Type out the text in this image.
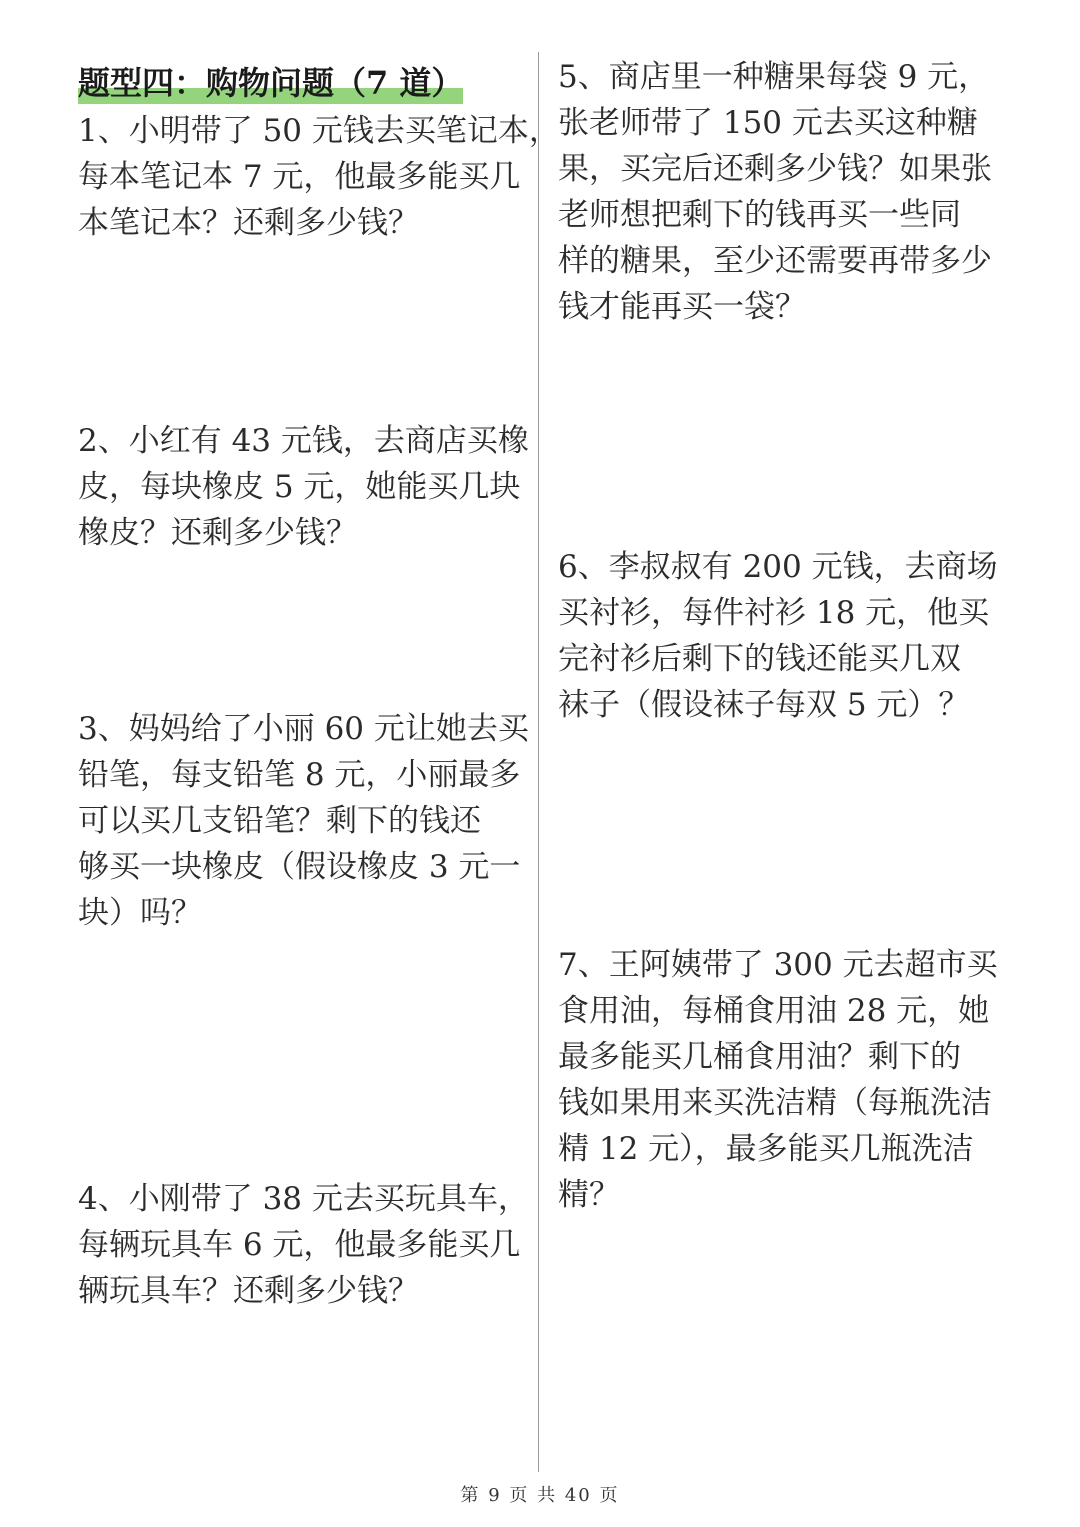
题型四：购物问题（7 道）
1、小明带了 50 元钱去买笔记本，
每本笔记本 7 元，他最多能买几
本笔记本？还剩多少钱？
2、小红有 43 元钱，去商店买橡
皮，每块橡皮 5 元，她能买几块
橡皮？还剩多少钱？
3、妈妈给了小丽 60 元让她去买
铅笔，每支铅笔 8 元，小丽最多
可以买几支铅笔？剩下的钱还
够买一块橡皮（假设橡皮 3 元一
块）吗？
4、小刚带了 38 元去买玩具车，
每辆玩具车 6 元，他最多能买几
辆玩具车？还剩多少钱？
5、商店里一种糖果每袋 9 元，
张老师带了 150 元去买这种糖
果，买完后还剩多少钱？如果张
老师想把剩下的钱再买一些同
样的糖果，至少还需要再带多少
钱才能再买一袋？
6、李叔叔有 200 元钱，去商场
买衬衫，每件衬衫 18 元，他买
完衬衫后剩下的钱还能买几双
袜子（假设袜子每双 5 元）？
7、王阿姨带了 300 元去超市买
食用油，每桶食用油 28 元，她
最多能买几桶食用油？剩下的
钱如果用来买洗洁精（每瓶洗洁
精 12 元），最多能买几瓶洗洁
精？
第 9 页 共 40 页
